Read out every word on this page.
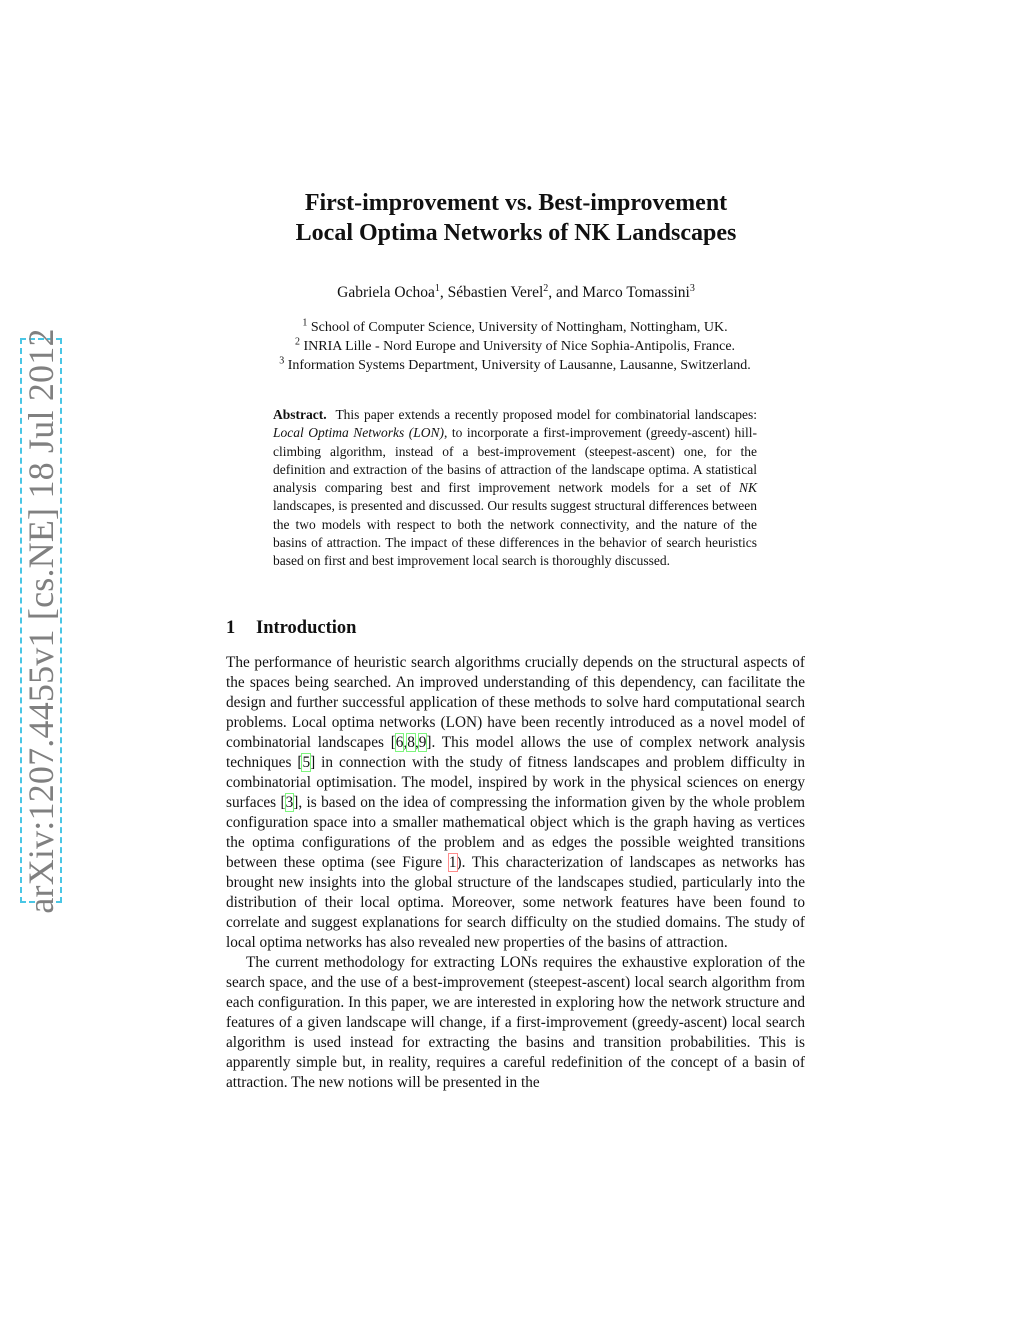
arXiv:1207.4455v1 [cs.NE] 18 Jul 2012
First-improvement vs. Best-improvement
Local Optima Networks of NK Landscapes
Gabriela Ochoa$^1$, Sébastien Verel$^2$, and Marco Tomassini$^3$
$^1$ School of Computer Science, University of Nottingham, Nottingham, UK.
$^2$ INRIA Lille - Nord Europe and University of Nice Sophia-Antipolis, France.
$^3$ Information Systems Department, University of Lausanne, Lausanne, Switzerland.
Abstract. This paper extends a recently proposed model for combinatorial landscapes: Local Optima Networks (LON), to incorporate a first-improvement (greedy-ascent) hill-climbing algorithm, instead of a best-improvement (steepest-ascent) one, for the definition and extraction of the basins of attraction of the landscape optima. A statistical analysis comparing best and first improvement network models for a set of NK landscapes, is presented and discussed. Our results suggest structural differences between the two models with respect to both the network connectivity, and the nature of the basins of attraction. The impact of these differences in the behavior of search heuristics based on first and best improvement local search is thoroughly discussed.
1 Introduction

The performance of heuristic search algorithms crucially depends on the structural aspects of the spaces being searched. An improved understanding of this dependency, can facilitate the design and further successful application of these methods to solve hard computational search problems. Local optima networks (LON) have been recently introduced as a novel model of combinatorial landscapes [6,8,9]. This model allows the use of complex network analysis techniques [5] in connection with the study of fitness landscapes and problem difficulty in combinatorial optimisation. The model, inspired by work in the physical sciences on energy surfaces [3], is based on the idea of compressing the information given by the whole problem configuration space into a smaller mathematical object which is the graph having as vertices the optima configurations of the problem and as edges the possible weighted transitions between these optima (see Figure 1). This characterization of landscapes as networks has brought new insights into the global structure of the landscapes studied, particularly into the distribution of their local optima. Moreover, some network features have been found to correlate and suggest explanations for search difficulty on the studied domains. The study of local optima networks has also revealed new properties of the basins of attraction.

The current methodology for extracting LONs requires the exhaustive exploration of the search space, and the use of a best-improvement (steepest-ascent) local search algorithm from each configuration. In this paper, we are interested in exploring how the network structure and features of a given landscape will change, if a first-improvement (greedy-ascent) local search algorithm is used instead for extracting the basins and transition probabilities. This is apparently simple but, in reality, requires a careful redefinition of the concept of a basin of attraction. The new notions will be presented in the
